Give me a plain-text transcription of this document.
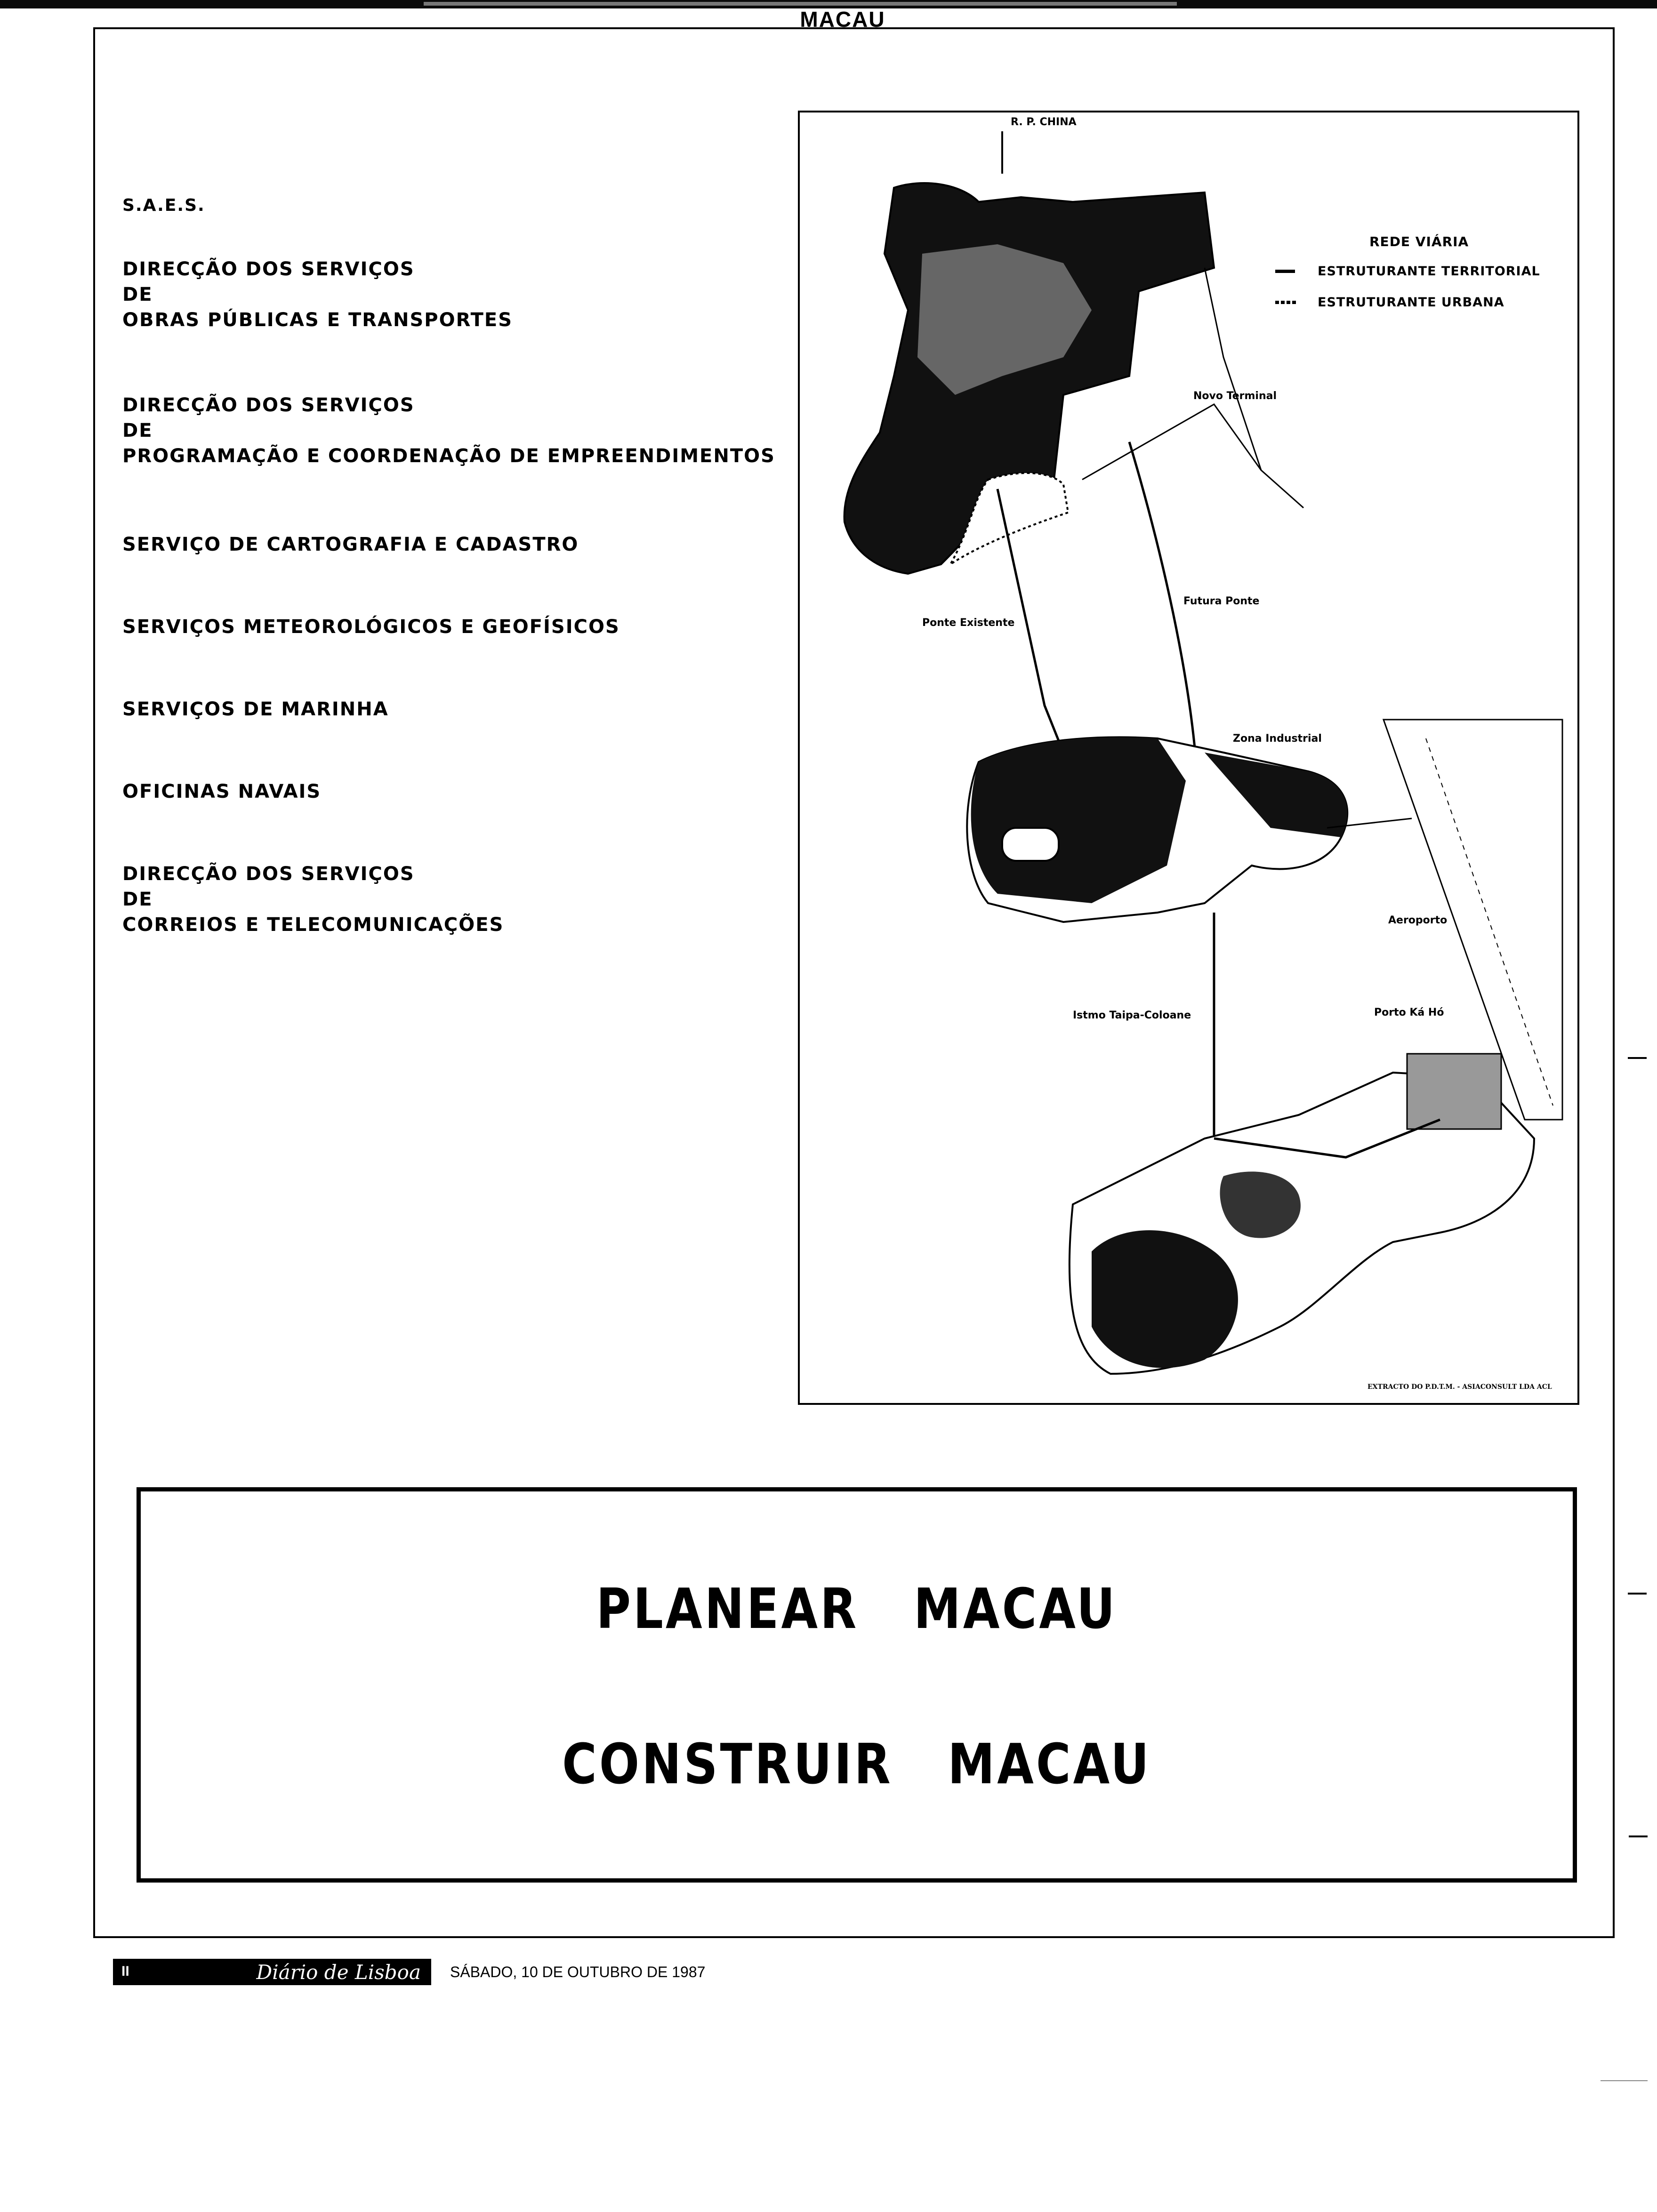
MACAU
S.A.E.S.
DIRECÇÃO DOS SERVIÇOS
DE
OBRAS PÚBLICAS E TRANSPORTES
DIRECÇÃO DOS SERVIÇOS
DE
PROGRAMAÇÃO E COORDENAÇÃO DE EMPREENDIMENTOS
SERVIÇO DE CARTOGRAFIA E CADASTRO
SERVIÇOS METEOROLÓGICOS E GEOFÍSICOS
SERVIÇOS DE MARINHA
OFICINAS NAVAIS
DIRECÇÃO DOS SERVIÇOS
DE
CORREIOS E TELECOMUNICAÇÕES
R. P. CHINA
REDE VIÁRIA
ESTRUTURANTE TERRITORIAL
ESTRUTURANTE URBANA
Novo Terminal
Futura Ponte
Ponte Existente
Zona Industrial
Aeroporto
Istmo Taipa-Coloane	Porto Ká Hó
EXTRACTO DO P.D.T.M. - ASIACONSULT LDA ACL
PLANEAR MACAU
CONSTRUIR MACAU
II	Diário de Lisboa SÁBADO, 10 DE OUTUBRO DE 1987
